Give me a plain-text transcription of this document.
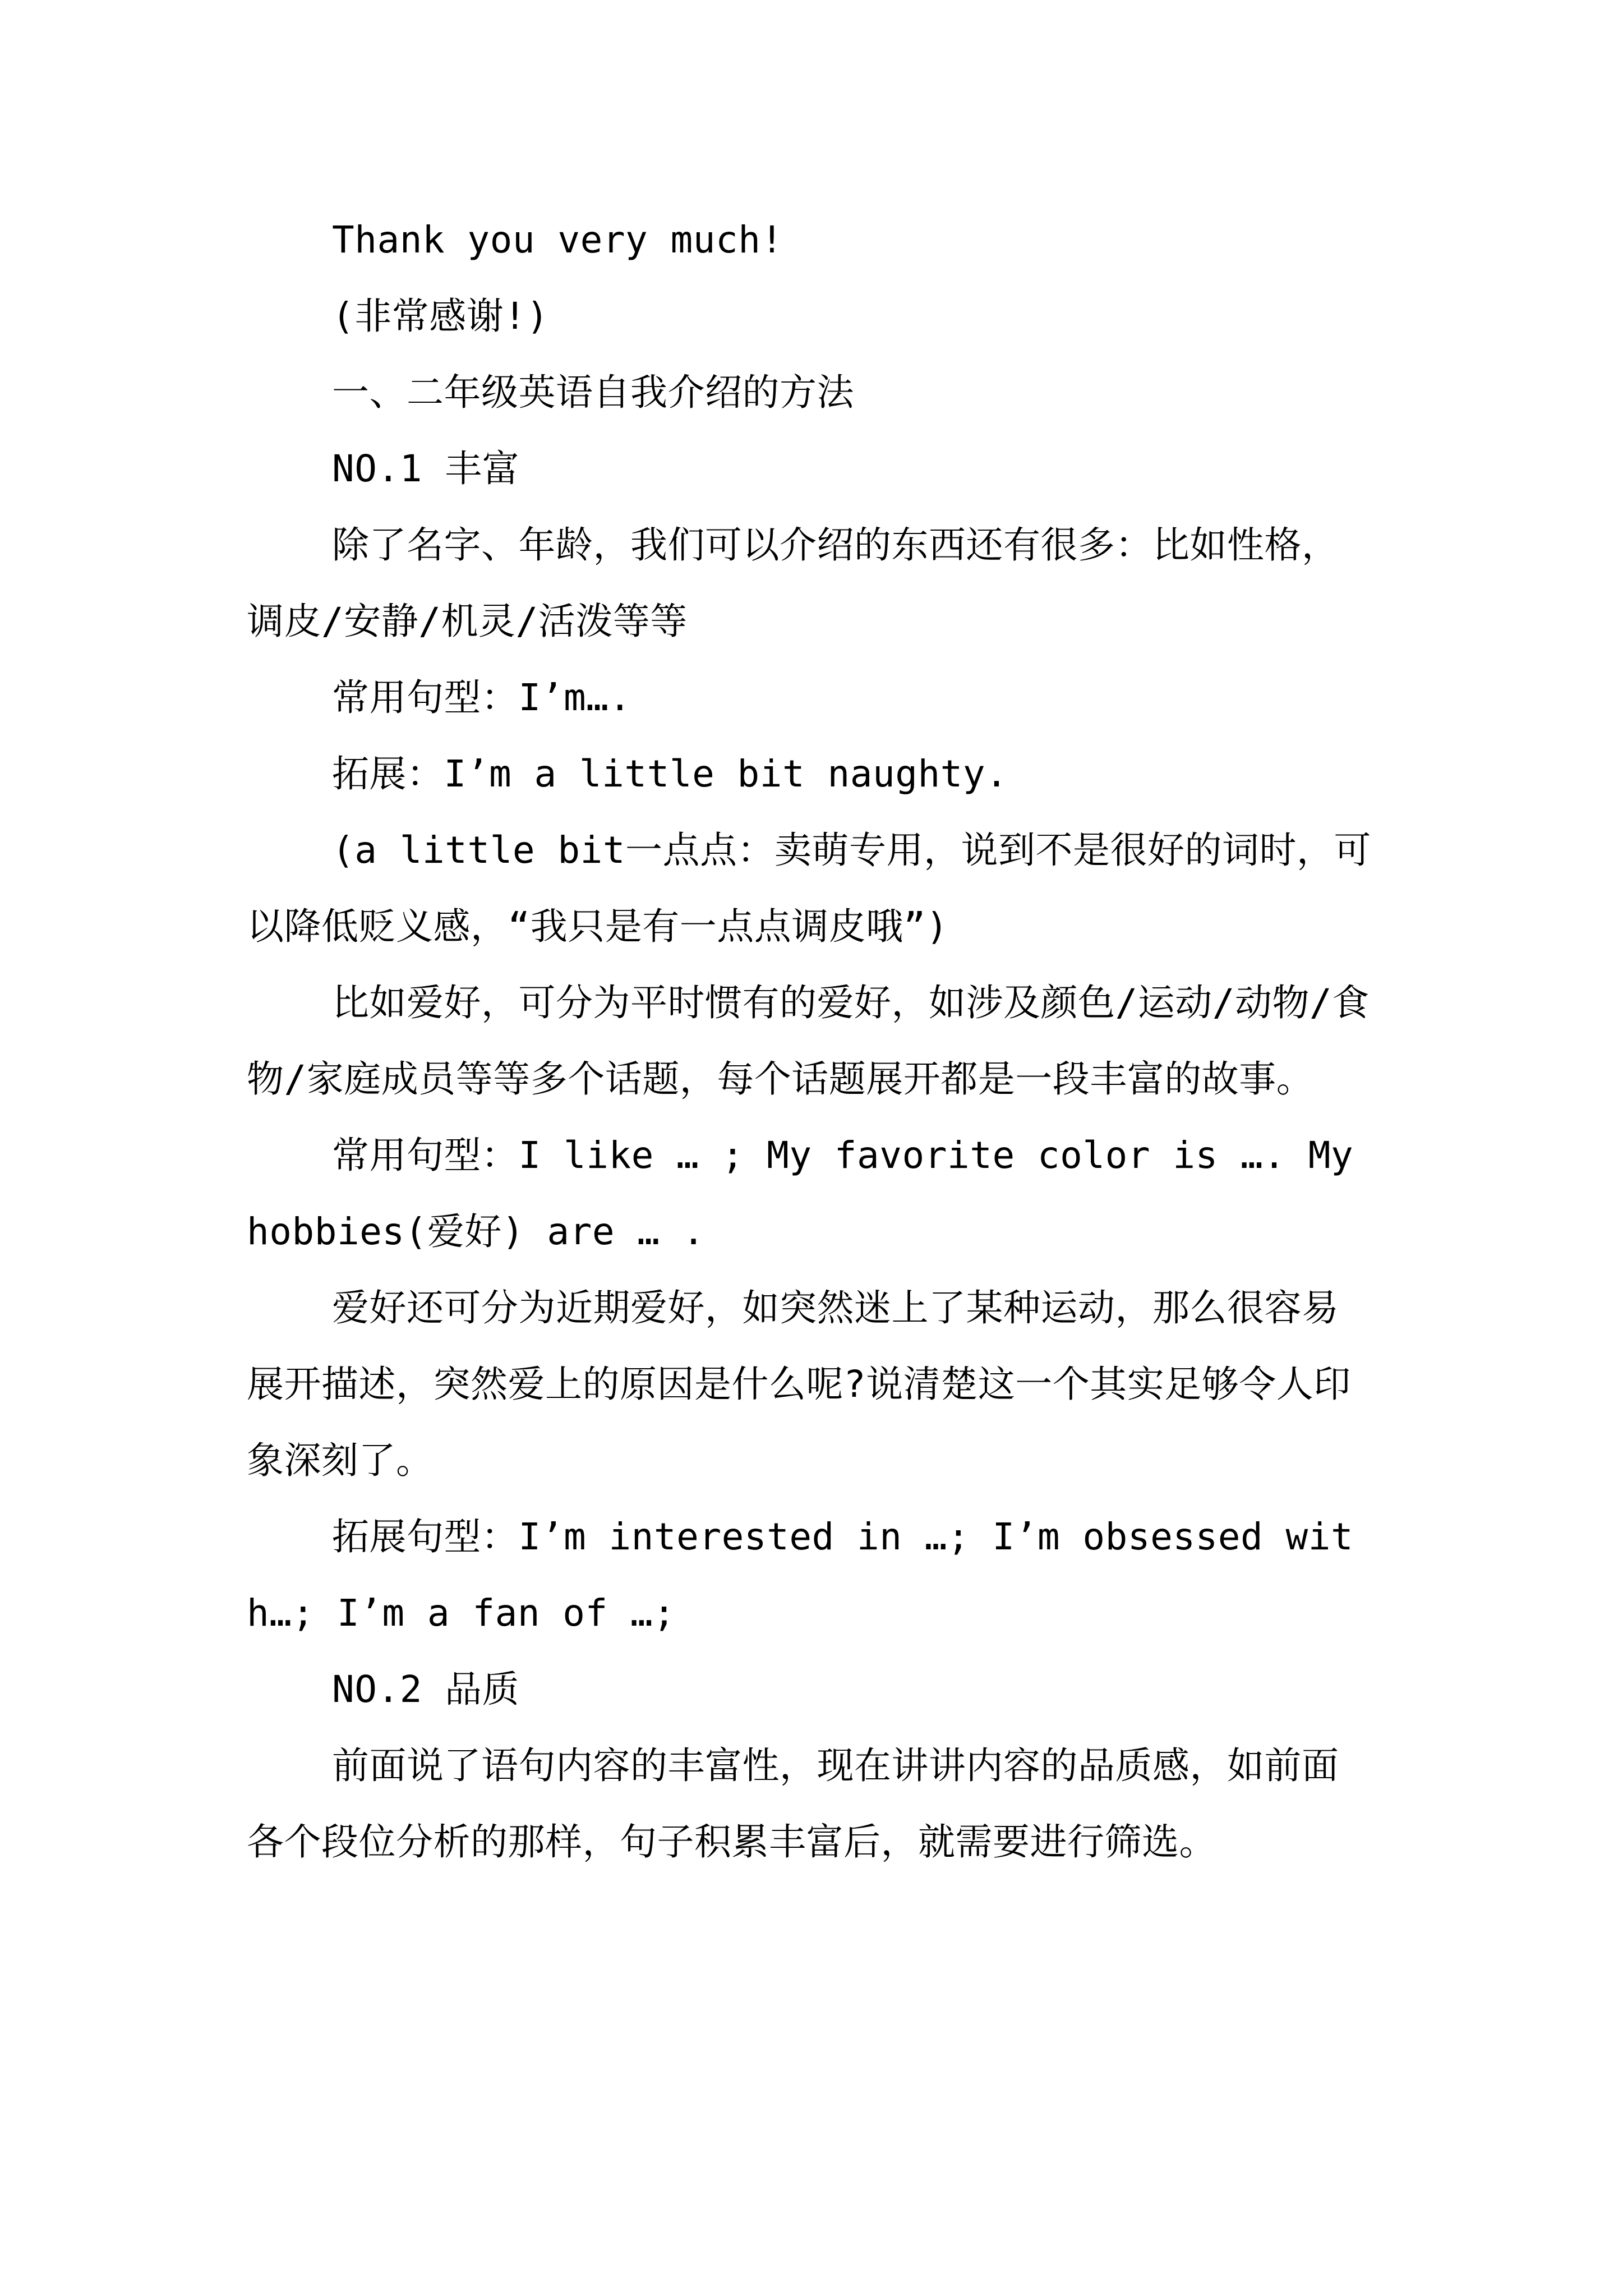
Thank you very much!

(非常感谢!)

一、二年级英语自我介绍的方法

NO.1 丰富

除了名字、年龄，我们可以介绍的东西还有很多：比如性格，调皮/安静/机灵/活泼等等

常用句型：I’m….

拓展：I’m a little bit naughty.

(a little bit一点点：卖萌专用，说到不是很好的词时，可以降低贬义感，“我只是有一点点调皮哦”)

比如爱好，可分为平时惯有的爱好，如涉及颜色/运动/动物/食物/家庭成员等等多个话题，每个话题展开都是一段丰富的故事。

常用句型：I like … ; My favorite color is …. My hobbies(爱好) are … .

爱好还可分为近期爱好，如突然迷上了某种运动，那么很容易展开描述，突然爱上的原因是什么呢?说清楚这一个其实足够令人印象深刻了。

拓展句型：I’m interested in …; I’m obsessed with…; I’m a fan of …;

NO.2 品质

前面说了语句内容的丰富性，现在讲讲内容的品质感，如前面各个段位分析的那样，句子积累丰富后，就需要进行筛选。
